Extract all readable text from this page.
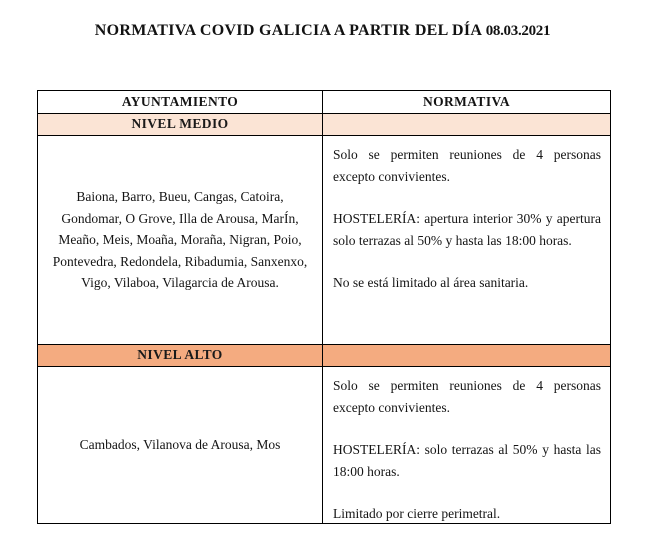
NORMATIVA COVID GALICIA A PARTIR DEL DÍA 08.03.2021
AYUNTAMIENTO	NORMATIVA
NIVEL MEDIO
Baiona, Barro, Bueu, Cangas, Catoira, Gondomar, O Grove, Illa de Arousa, MarÍn, Meaño, Meis, Moaña, Moraña, Nigran, Poio, Pontevedra, Redondela, Ribadumia, Sanxenxo, Vigo, Vilaboa, Vilagarcia de Arousa.

Solo se permiten reuniones de 4 personas excepto convivientes.

HOSTELERÍA: apertura interior 30% y apertura solo terrazas al 50% y hasta las 18:00 horas.

No se está limitado al área sanitaria.

NIVEL ALTO
Cambados, Vilanova de Arousa, Mos

Solo se permiten reuniones de 4 personas excepto convivientes.

HOSTELERÍA: solo terrazas al 50% y hasta las 18:00 horas.

Limitado por cierre perimetral.
